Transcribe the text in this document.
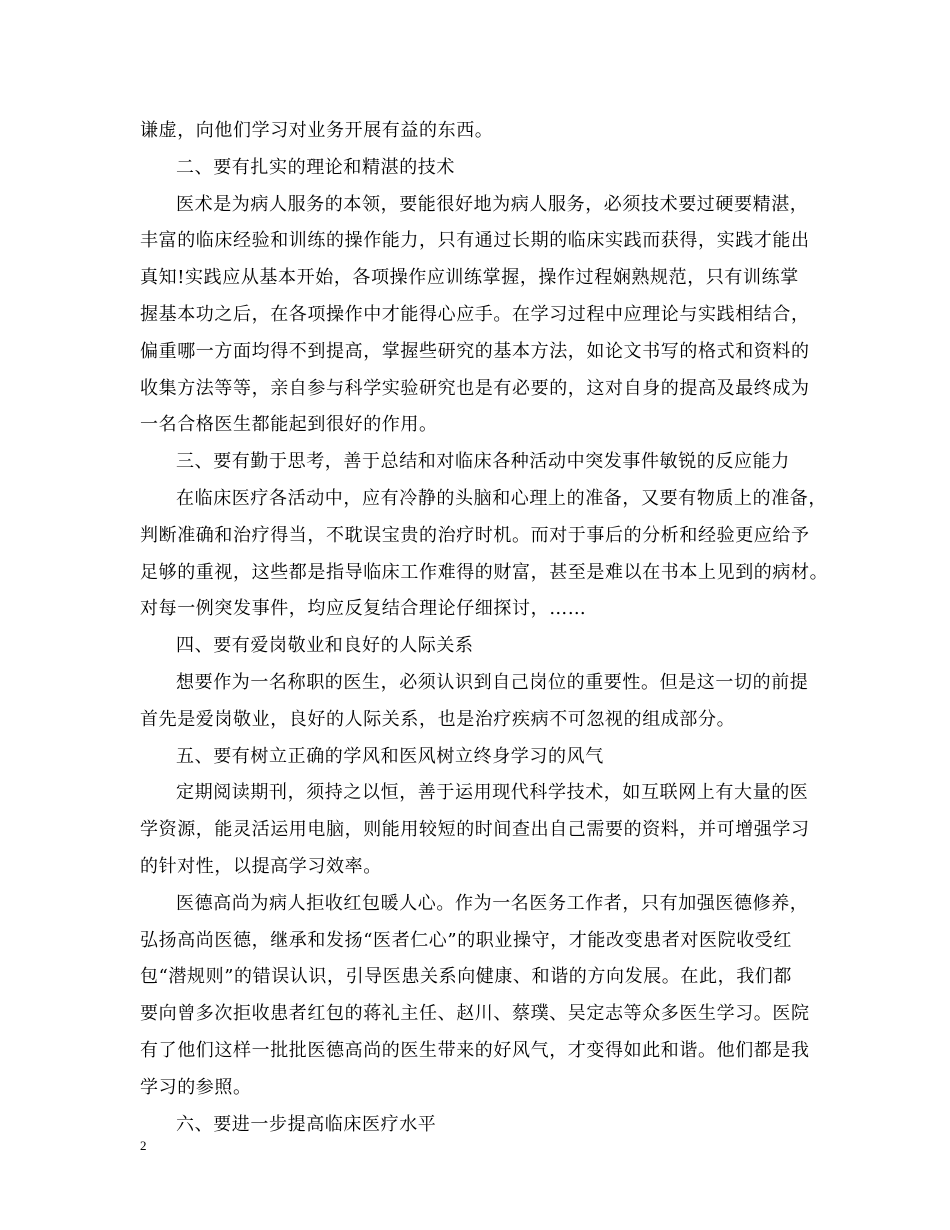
谦虚，向他们学习对业务开展有益的东西。
二、要有扎实的理论和精湛的技术
医术是为病人服务的本领，要能很好地为病人服务，必须技术要过硬要精湛，
丰富的临床经验和训练的操作能力，只有通过长期的临床实践而获得，实践才能出
真知!实践应从基本开始，各项操作应训练掌握，操作过程娴熟规范，只有训练掌
握基本功之后，在各项操作中才能得心应手。在学习过程中应理论与实践相结合，
偏重哪一方面均得不到提高，掌握些研究的基本方法，如论文书写的格式和资料的
收集方法等等，亲自参与科学实验研究也是有必要的，这对自身的提高及最终成为
一名合格医生都能起到很好的作用。
三、要有勤于思考，善于总结和对临床各种活动中突发事件敏锐的反应能力
在临床医疗各活动中，应有冷静的头脑和心理上的准备，又要有物质上的准备，
判断准确和治疗得当，不耽误宝贵的治疗时机。而对于事后的分析和经验更应给予
足够的重视，这些都是指导临床工作难得的财富，甚至是难以在书本上见到的病材。
对每一例突发事件，均应反复结合理论仔细探讨，……
四、要有爱岗敬业和良好的人际关系
想要作为一名称职的医生，必须认识到自己岗位的重要性。但是这一切的前提
首先是爱岗敬业，良好的人际关系，也是治疗疾病不可忽视的组成部分。
五、要有树立正确的学风和医风树立终身学习的风气
定期阅读期刊，须持之以恒，善于运用现代科学技术，如互联网上有大量的医
学资源，能灵活运用电脑，则能用较短的时间查出自己需要的资料，并可增强学习
的针对性，以提高学习效率。
医德高尚为病人拒收红包暖人心。作为一名医务工作者，只有加强医德修养，
弘扬高尚医德，继承和发扬“医者仁心”的职业操守，才能改变患者对医院收受红
包“潜规则”的错误认识，引导医患关系向健康、和谐的方向发展。在此，我们都
要向曾多次拒收患者红包的蒋礼主任、赵川、蔡璞、吴定志等众多医生学习。医院
有了他们这样一批批医德高尚的医生带来的好风气，才变得如此和谐。他们都是我
学习的参照。
六、要进一步提高临床医疗水平
2
